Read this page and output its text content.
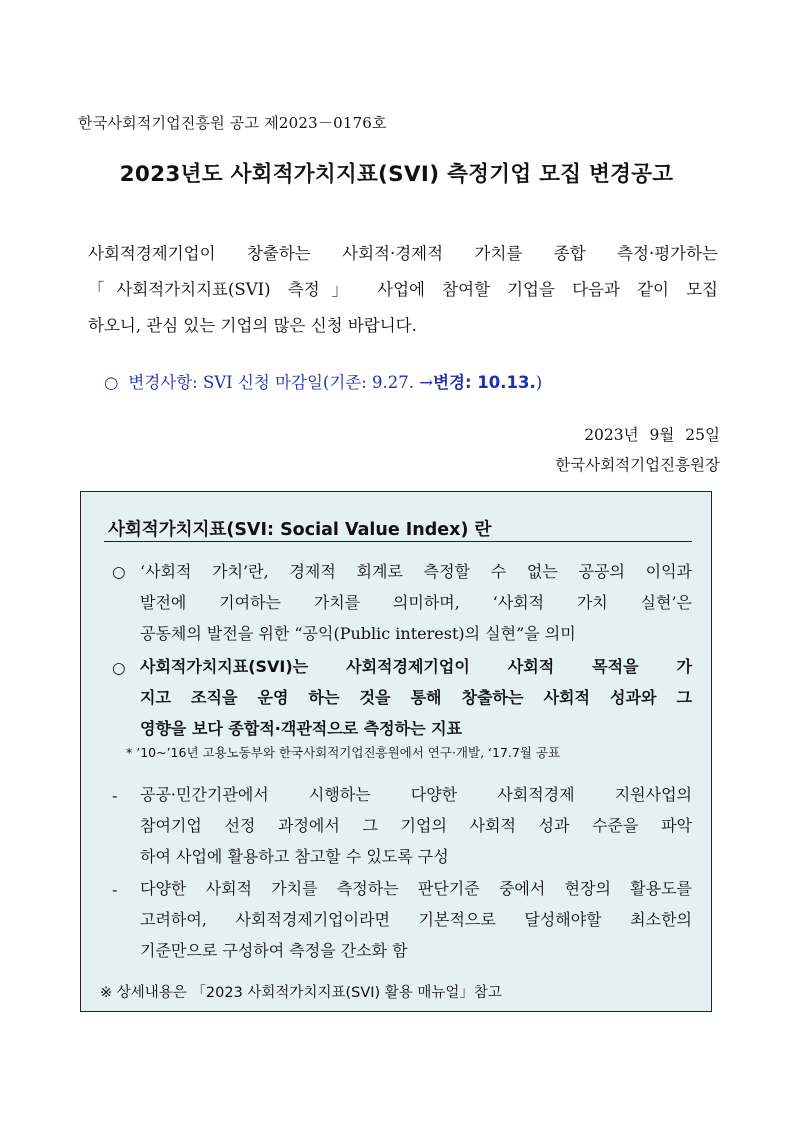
한국사회적기업진흥원 공고 제2023－0176호
2023년도 사회적가치지표(SVI) 측정기업 모집 변경공고
사회적경제기업이 창출하는 사회적·경제적 가치를 종합 측정·평가하는
「사회적가치지표(SVI) 측정」 사업에 참여할 기업을 다음과 같이 모집
하오니, 관심 있는 기업의 많은 신청 바랍니다.
○ 변경사항: SVI 신청 마감일(기존: 9.27. →변경: 10.13.)
2023년 9월 25일
한국사회적기업진흥원장
사회적가치지표(SVI: Social Value Index) 란
○ ‘사회적 가치’란, 경제적 회계로 측정할 수 없는 공공의 이익과
발전에 기여하는 가치를 의미하며, ‘사회적 가치 실현’은
공동체의 발전을 위한 “공익(Public interest)의 실현”을 의미
○ 사회적가치지표(SVI)는 사회적경제기업이 사회적 목적을 가
지고 조직을 운영 하는 것을 통해 창출하는 사회적 성과와 그
영향을 보다 종합적·객관적으로 측정하는 지표
* ’10~’16년 고용노동부와 한국사회적기업진흥원에서 연구·개발, ‘17.7월 공표
- 공공·민간기관에서 시행하는 다양한 사회적경제 지원사업의
참여기업 선정 과정에서 그 기업의 사회적 성과 수준을 파악
하여 사업에 활용하고 참고할 수 있도록 구성
- 다양한 사회적 가치를 측정하는 판단기준 중에서 현장의 활용도를
고려하여, 사회적경제기업이라면 기본적으로 달성해야할 최소한의
기준만으로 구성하여 측정을 간소화 함
※ 상세내용은 「2023 사회적가치지표(SVI) 활용 매뉴얼」참고
